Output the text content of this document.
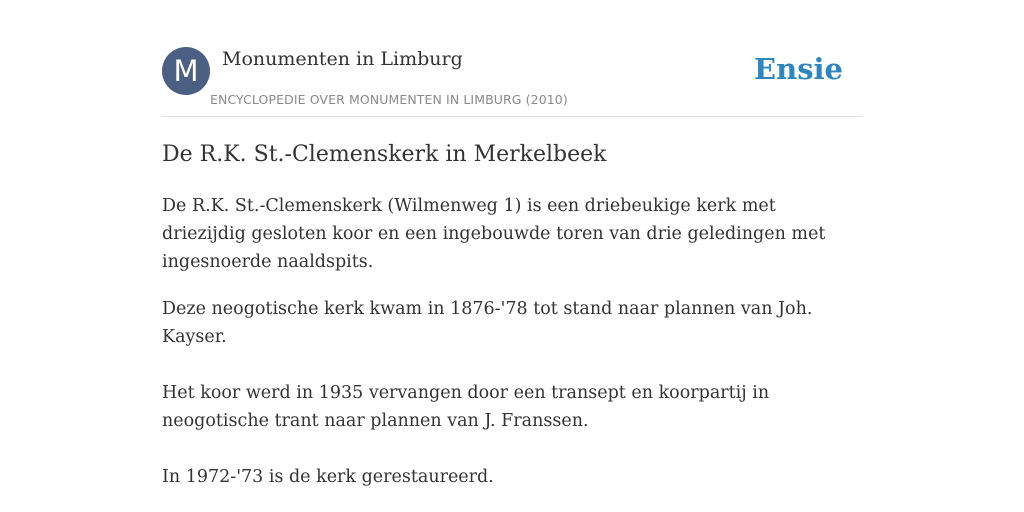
M	Monumenten in Limburg
ENCYCLOPEDIE OVER MONUMENTEN IN LIMBURG (2010)
Ensie
De R.K. St.-Clemenskerk in Merkelbeek

De R.K. St.-Clemenskerk (Wilmenweg 1) is een driebeukige kerk met driezijdig gesloten koor en een ingebouwde toren van drie geledingen met ingesnoerde naaldspits.

Deze neogotische kerk kwam in 1876-'78 tot stand naar plannen van Joh. Kayser.

Het koor werd in 1935 vervangen door een transept en koorpartij in neogotische trant naar plannen van J. Franssen.

In 1972-'73 is de kerk gerestaureerd.
